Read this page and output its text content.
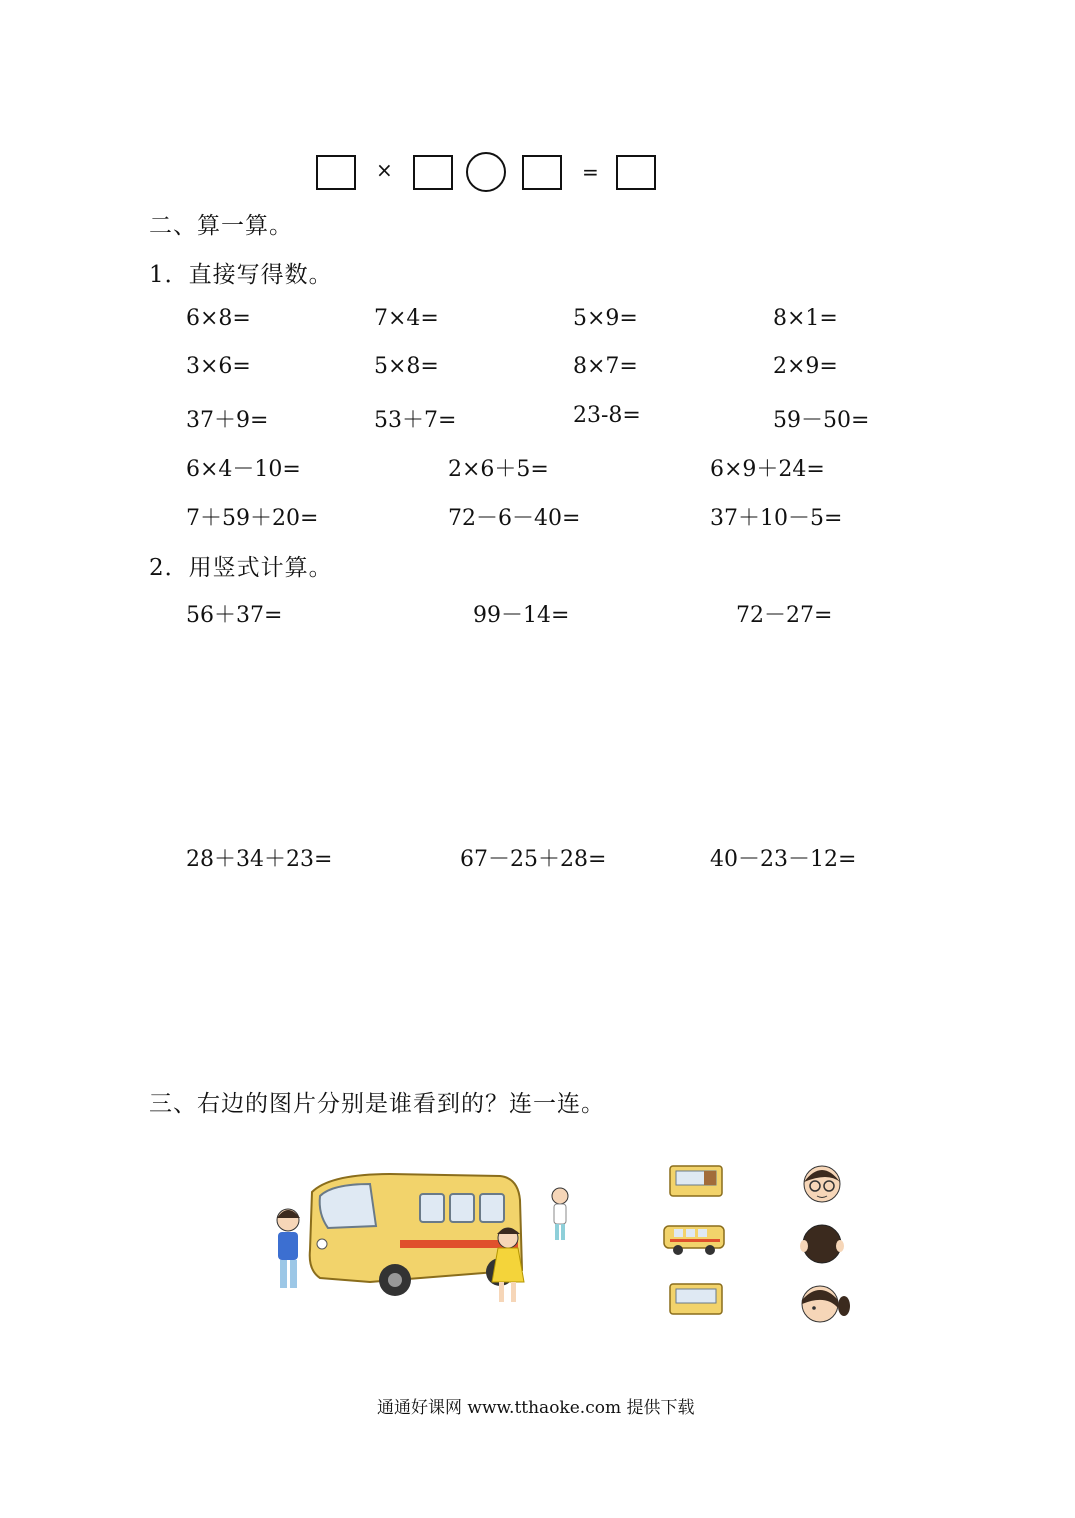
×	=
二、算一算。
1．直接写得数。
6×8=	7×4=	5×9=	8×1=
3×6=	5×8=	8×7=	2×9=
37＋9=	53＋7=	23-8=	59－50=
6×4－10=	2×6＋5=	6×9＋24=
7＋59＋20=	72－6－40=	37＋10－5=
2．用竖式计算。
56＋37=	99－14=	72－27=
28＋34＋23=	67－25＋28=	40－23－12=
三、右边的图片分别是谁看到的？连一连。
通通好课网 www.tthaoke.com 提供下载
